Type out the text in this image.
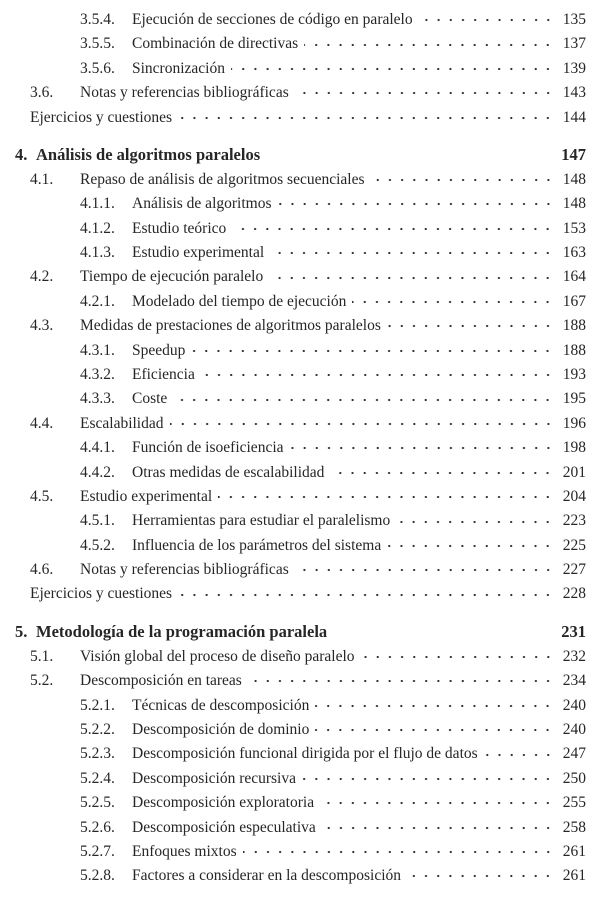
3.5.4.	Ejecución de secciones de código en paralelo	135
3.5.5.	Combinación de directivas	137
3.5.6.	Sincronización	139
3.6.	Notas y referencias bibliográficas	143
Ejercicios y cuestiones	144
4. Análisis de algoritmos paralelos	147
4.1.	Repaso de análisis de algoritmos secuenciales	148
4.1.1.	Análisis de algoritmos	148
4.1.2.	Estudio teórico	153
4.1.3.	Estudio experimental	163
4.2.	Tiempo de ejecución paralelo	164
4.2.1.	Modelado del tiempo de ejecución	167
4.3.	Medidas de prestaciones de algoritmos paralelos	188
4.3.1.	Speedup	188
4.3.2.	Eficiencia	193
4.3.3.	Coste	195
4.4.	Escalabilidad	196
4.4.1.	Función de isoeficiencia	198
4.4.2.	Otras medidas de escalabilidad	201
4.5.	Estudio experimental	204
4.5.1.	Herramientas para estudiar el paralelismo	223
4.5.2.	Influencia de los parámetros del sistema	225
4.6.	Notas y referencias bibliográficas	227
Ejercicios y cuestiones	228
5. Metodología de la programación paralela	231
5.1.	Visión global del proceso de diseño paralelo	232
5.2.	Descomposición en tareas	234
5.2.1.	Técnicas de descomposición	240
5.2.2.	Descomposición de dominio	240
5.2.3.	Descomposición funcional dirigida por el flujo de datos	247
5.2.4.	Descomposición recursiva	250
5.2.5.	Descomposición exploratoria	255
5.2.6.	Descomposición especulativa	258
5.2.7.	Enfoques mixtos	261
5.2.8.	Factores a considerar en la descomposición	261
